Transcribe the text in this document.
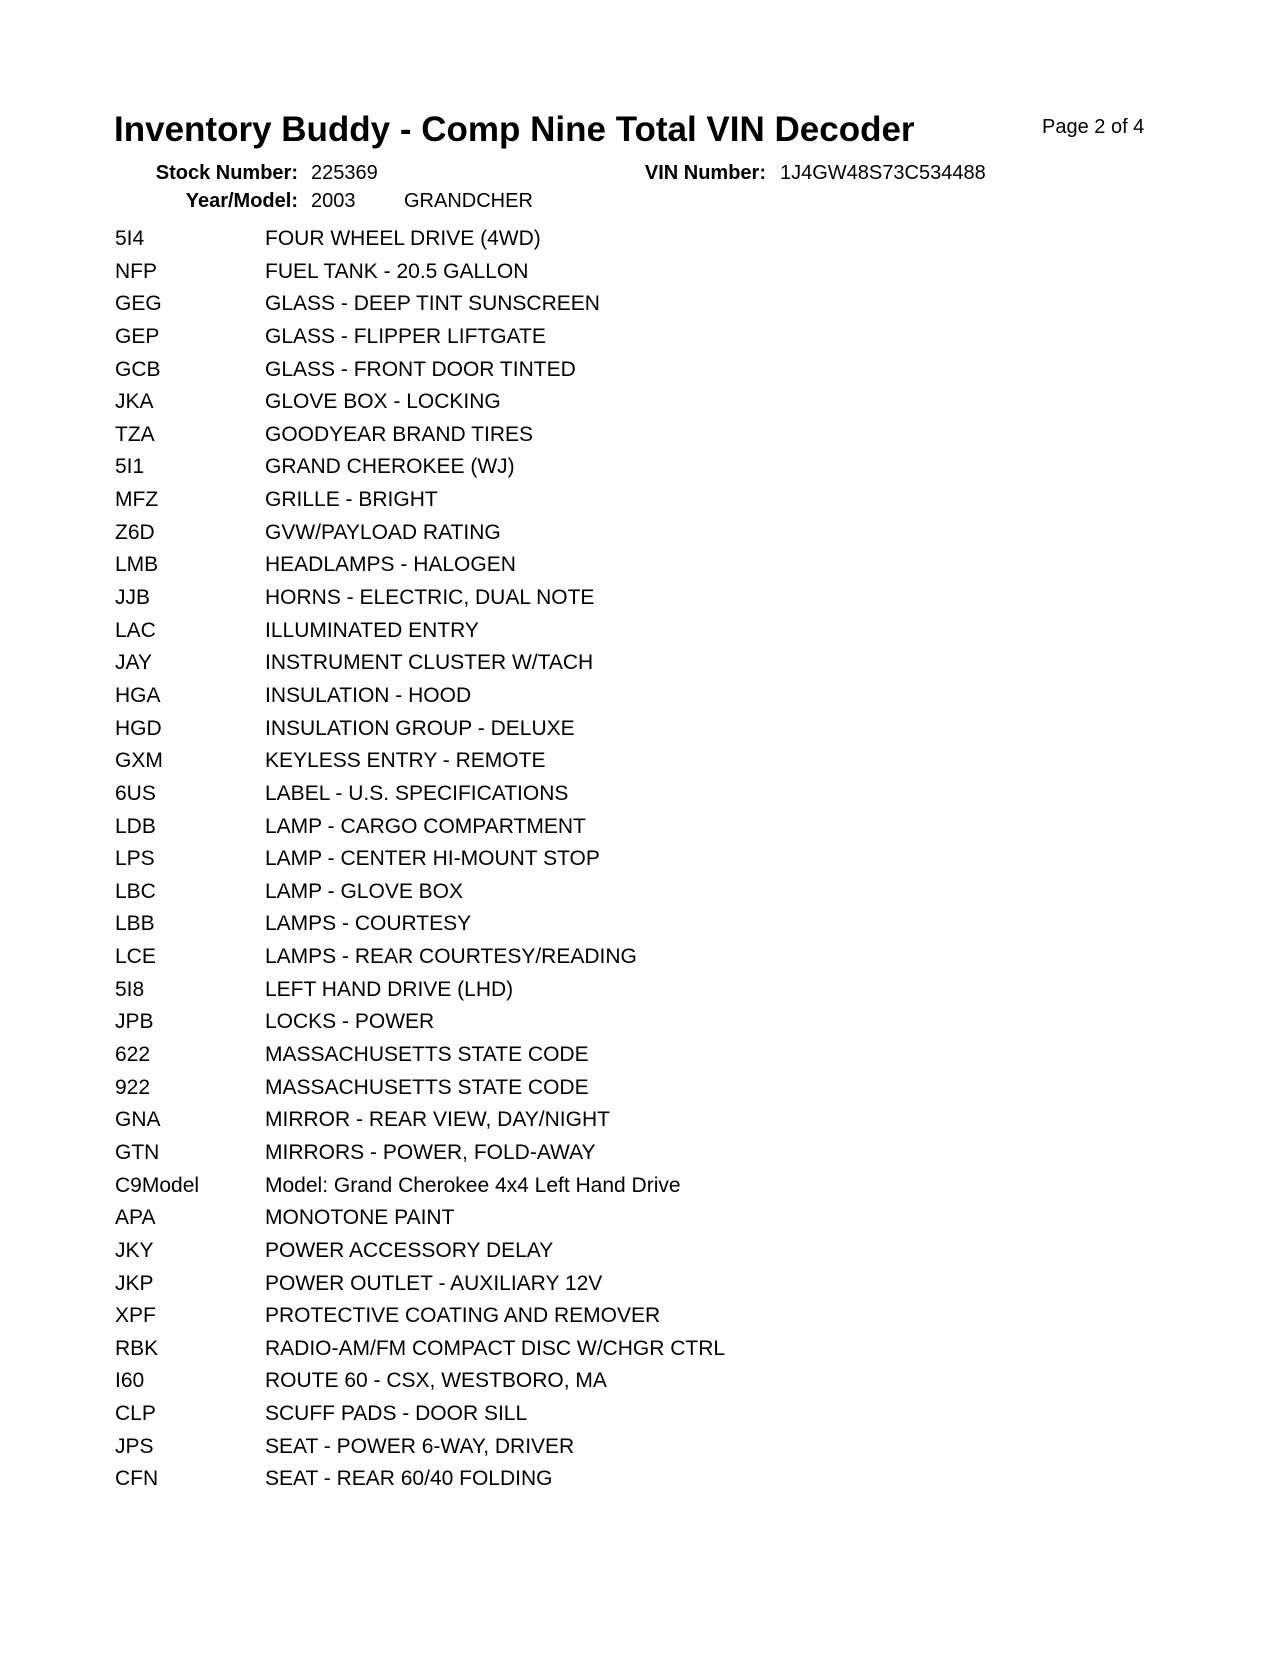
Inventory Buddy - Comp Nine Total VIN Decoder	Page 2 of 4
Stock Number: 225369
Year/Model: 2003 GRANDCHER
VIN Number: 1J4GW48S73C534488
5I4	FOUR WHEEL DRIVE (4WD)
NFP	FUEL TANK - 20.5 GALLON
GEG	GLASS - DEEP TINT SUNSCREEN
GEP	GLASS - FLIPPER LIFTGATE
GCB	GLASS - FRONT DOOR TINTED
JKA	GLOVE BOX - LOCKING
TZA	GOODYEAR BRAND TIRES
5I1	GRAND CHEROKEE (WJ)
MFZ	GRILLE - BRIGHT
Z6D	GVW/PAYLOAD RATING
LMB	HEADLAMPS - HALOGEN
JJB	HORNS - ELECTRIC, DUAL NOTE
LAC	ILLUMINATED ENTRY
JAY	INSTRUMENT CLUSTER W/TACH
HGA	INSULATION - HOOD
HGD	INSULATION GROUP - DELUXE
GXM	KEYLESS ENTRY - REMOTE
6US	LABEL - U.S. SPECIFICATIONS
LDB	LAMP - CARGO COMPARTMENT
LPS	LAMP - CENTER HI-MOUNT STOP
LBC	LAMP - GLOVE BOX
LBB	LAMPS - COURTESY
LCE	LAMPS - REAR COURTESY/READING
5I8	LEFT HAND DRIVE (LHD)
JPB	LOCKS - POWER
622	MASSACHUSETTS STATE CODE
922	MASSACHUSETTS STATE CODE
GNA	MIRROR - REAR VIEW, DAY/NIGHT
GTN	MIRRORS - POWER, FOLD-AWAY
C9Model	Model: Grand Cherokee 4x4 Left Hand Drive
APA	MONOTONE PAINT
JKY	POWER ACCESSORY DELAY
JKP	POWER OUTLET - AUXILIARY 12V
XPF	PROTECTIVE COATING AND REMOVER
RBK	RADIO-AM/FM COMPACT DISC W/CHGR CTRL
I60	ROUTE 60 - CSX, WESTBORO, MA
CLP	SCUFF PADS - DOOR SILL
JPS	SEAT - POWER 6-WAY, DRIVER
CFN	SEAT - REAR 60/40 FOLDING
